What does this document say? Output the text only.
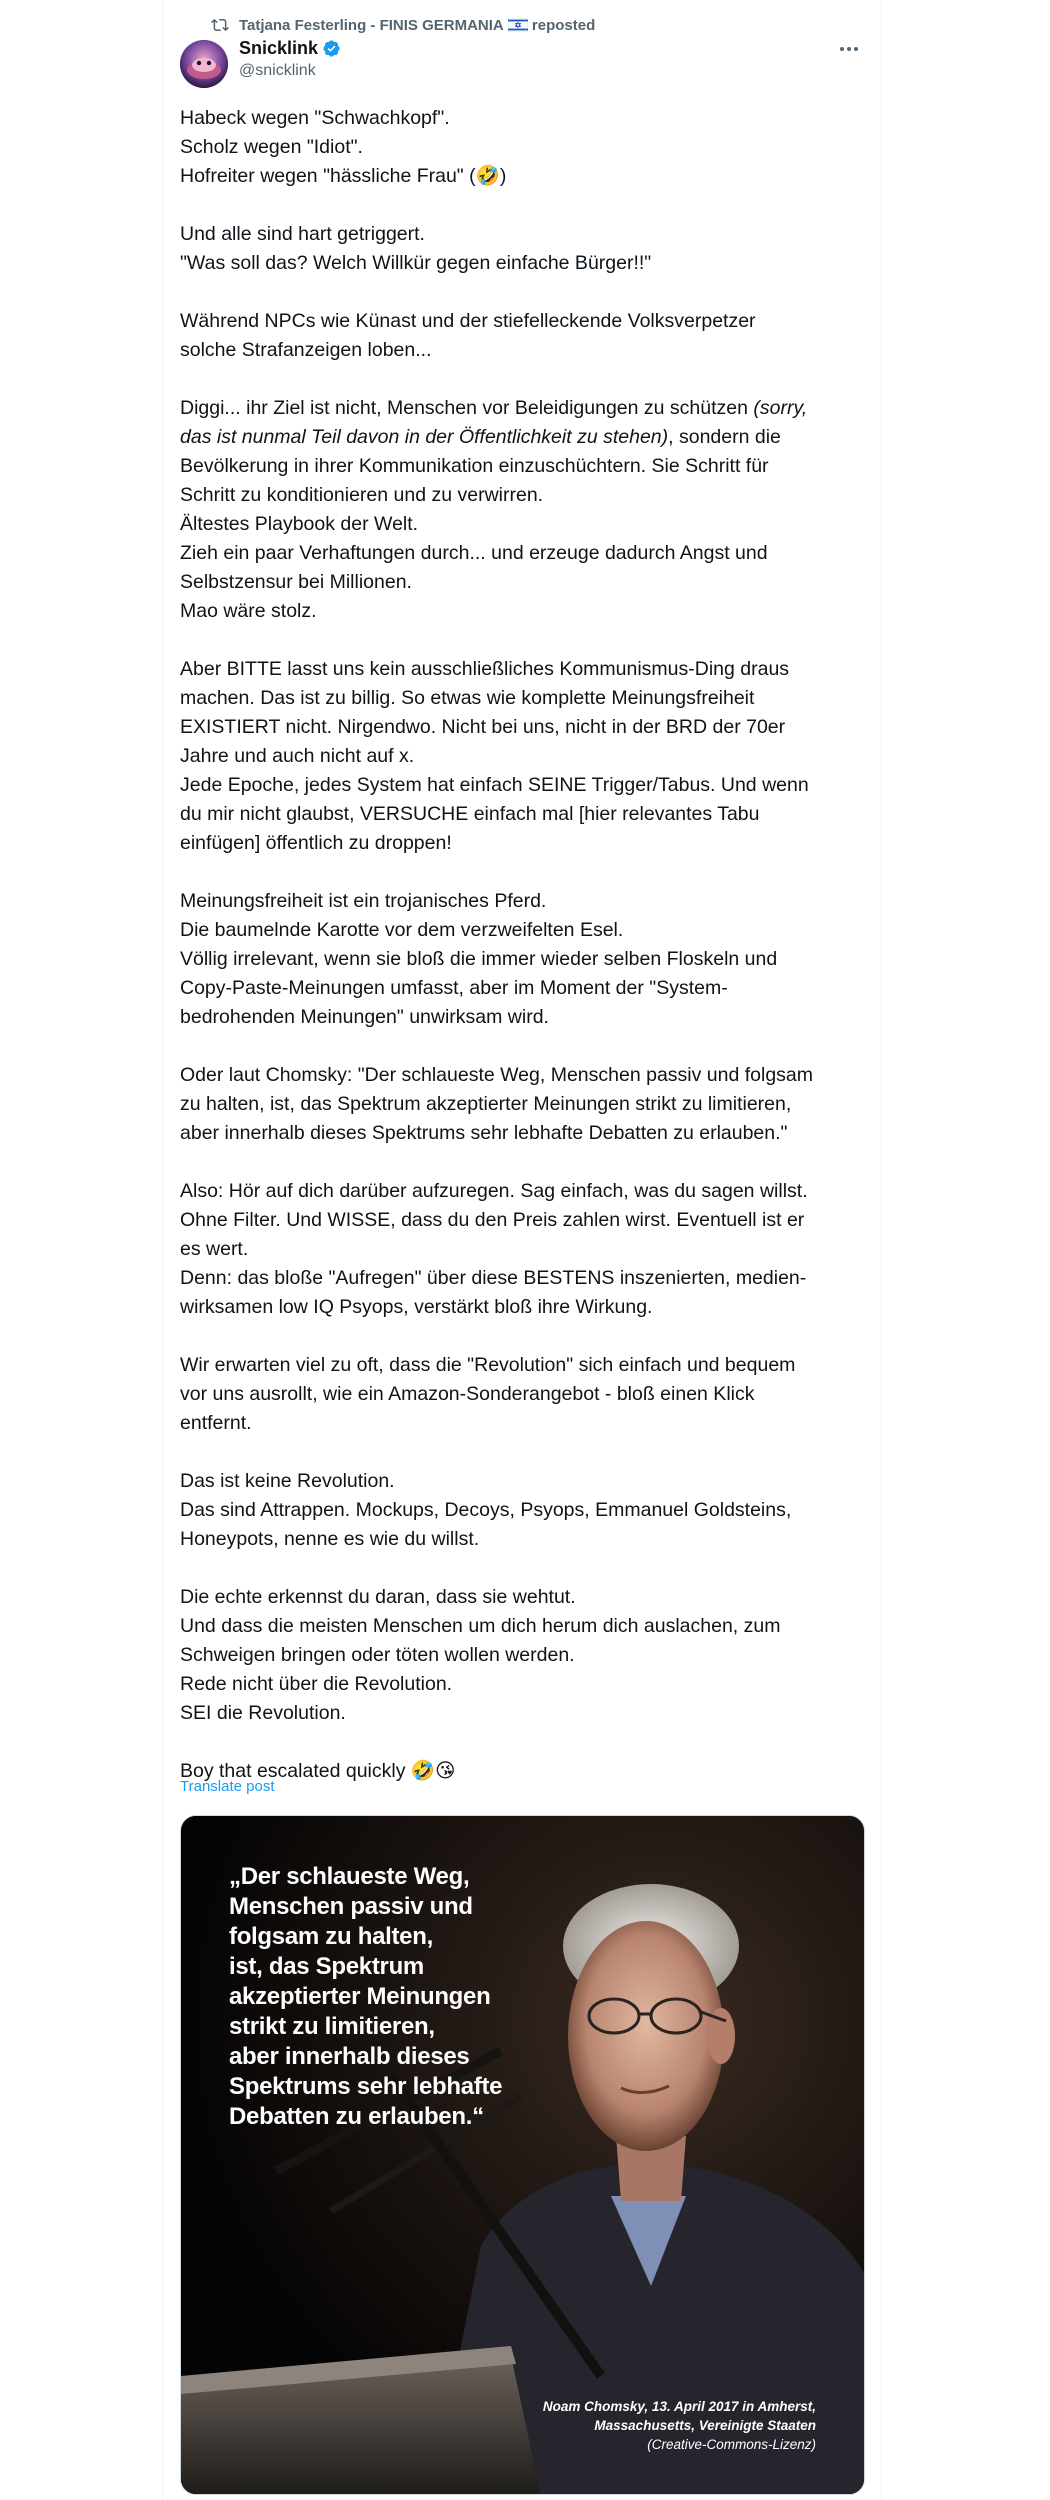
Tatjana Festerling - FINIS GERMANIA reposted
Snicklink
@snicklink

Habeck wegen "Schwachkopf".
Scholz wegen "Idiot".
Hofreiter wegen "hässliche Frau" (🤣)

Und alle sind hart getriggert.
"Was soll das? Welch Willkür gegen einfache Bürger!!"

Während NPCs wie Künast und der stiefelleckende Volksverpetzer
solche Strafanzeigen loben...

Diggi... ihr Ziel ist nicht, Menschen vor Beleidigungen zu schützen (sorry,
das ist nunmal Teil davon in der Öffentlichkeit zu stehen), sondern die
Bevölkerung in ihrer Kommunikation einzuschüchtern. Sie Schritt für
Schritt zu konditionieren und zu verwirren.
Ältestes Playbook der Welt.
Zieh ein paar Verhaftungen durch... und erzeuge dadurch Angst und
Selbstzensur bei Millionen.
Mao wäre stolz.

Aber BITTE lasst uns kein ausschließliches Kommunismus-Ding draus
machen. Das ist zu billig. So etwas wie komplette Meinungsfreiheit
EXISTIERT nicht. Nirgendwo. Nicht bei uns, nicht in der BRD der 70er
Jahre und auch nicht auf x.
Jede Epoche, jedes System hat einfach SEINE Trigger/Tabus. Und wenn
du mir nicht glaubst, VERSUCHE einfach mal [hier relevantes Tabu
einfügen] öffentlich zu droppen!

Meinungsfreiheit ist ein trojanisches Pferd.
Die baumelnde Karotte vor dem verzweifelten Esel.
Völlig irrelevant, wenn sie bloß die immer wieder selben Floskeln und
Copy-Paste-Meinungen umfasst, aber im Moment der "System-
bedrohenden Meinungen" unwirksam wird.

Oder laut Chomsky: "Der schlaueste Weg, Menschen passiv und folgsam
zu halten, ist, das Spektrum akzeptierter Meinungen strikt zu limitieren,
aber innerhalb dieses Spektrums sehr lebhafte Debatten zu erlauben."

Also: Hör auf dich darüber aufzuregen. Sag einfach, was du sagen willst.
Ohne Filter. Und WISSE, dass du den Preis zahlen wirst. Eventuell ist er
es wert.
Denn: das bloße "Aufregen" über diese BESTENS inszenierten, medien-
wirksamen low IQ Psyops, verstärkt bloß ihre Wirkung.

Wir erwarten viel zu oft, dass die "Revolution" sich einfach und bequem
vor uns ausrollt, wie ein Amazon-Sonderangebot - bloß einen Klick
entfernt.

Das ist keine Revolution.
Das sind Attrappen. Mockups, Decoys, Psyops, Emmanuel Goldsteins,
Honeypots, nenne es wie du willst.

Die echte erkennst du daran, dass sie wehtut.
Und dass die meisten Menschen um dich herum dich auslachen, zum
Schweigen bringen oder töten wollen werden.
Rede nicht über die Revolution.
SEI die Revolution.

Boy that escalated quickly 🤣😘

Translate post
„Der schlaueste Weg,
Menschen passiv und
folgsam zu halten,
ist, das Spektrum
akzeptierter Meinungen
strikt zu limitieren,
aber innerhalb dieses
Spektrums sehr lebhafte
Debatten zu erlauben.“
Noam Chomsky, 13. April 2017 in Amherst,
Massachusetts, Vereinigte Staaten
(Creative-Commons-Lizenz)
